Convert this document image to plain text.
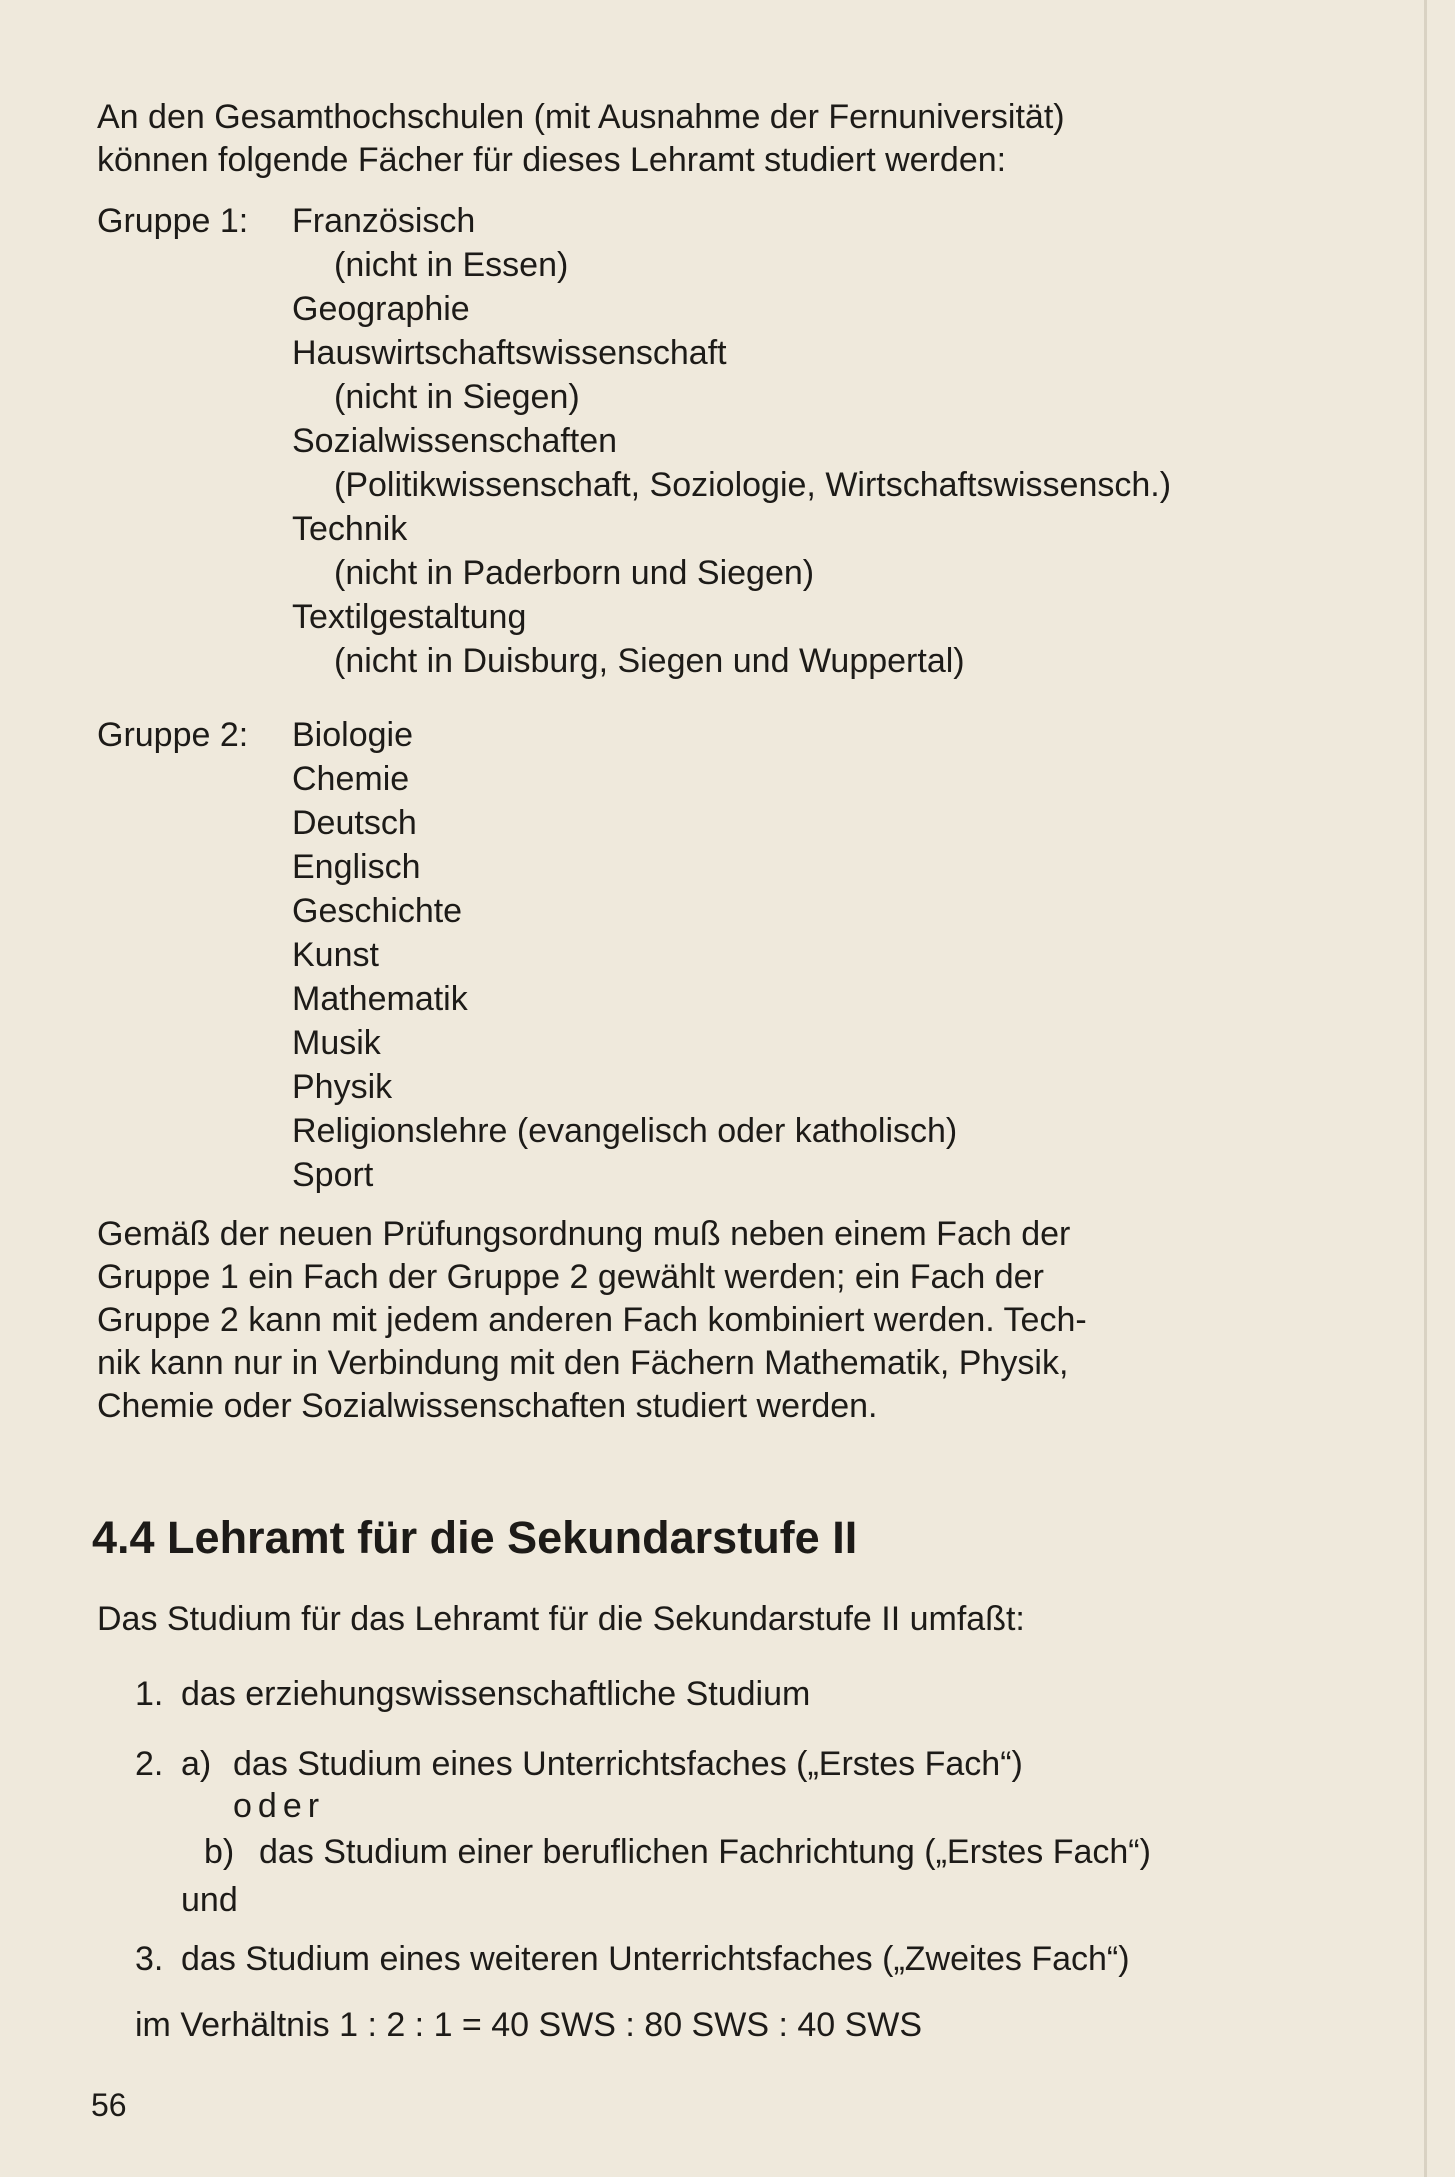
An den Gesamthochschulen (mit Ausnahme der Fernuniversität)
können folgende Fächer für dieses Lehramt studiert werden:
Gruppe 1: Französisch
(nicht in Essen)
Geographie
Hauswirtschaftswissenschaft
(nicht in Siegen)
Sozialwissenschaften
(Politikwissenschaft, Soziologie, Wirtschaftswissensch.)
Technik
(nicht in Paderborn und Siegen)
Textilgestaltung
(nicht in Duisburg, Siegen und Wuppertal)
Gruppe 2: Biologie
Chemie
Deutsch
Englisch
Geschichte
Kunst
Mathematik
Musik
Physik
Religionslehre (evangelisch oder katholisch)
Sport
Gemäß der neuen Prüfungsordnung muß neben einem Fach der
Gruppe 1 ein Fach der Gruppe 2 gewählt werden; ein Fach der
Gruppe 2 kann mit jedem anderen Fach kombiniert werden. Tech-
nik kann nur in Verbindung mit den Fächern Mathematik, Physik,
Chemie oder Sozialwissenschaften studiert werden.
4.4 Lehramt für die Sekundarstufe II
Das Studium für das Lehramt für die Sekundarstufe II umfaßt:
1. das erziehungswissenschaftliche Studium
2. a) das Studium eines Unterrichtsfaches („Erstes Fach“)
oder
b) das Studium einer beruflichen Fachrichtung („Erstes Fach“)
und
3. das Studium eines weiteren Unterrichtsfaches („Zweites Fach“)
im Verhältnis 1 : 2 : 1 = 40 SWS : 80 SWS : 40 SWS
56
